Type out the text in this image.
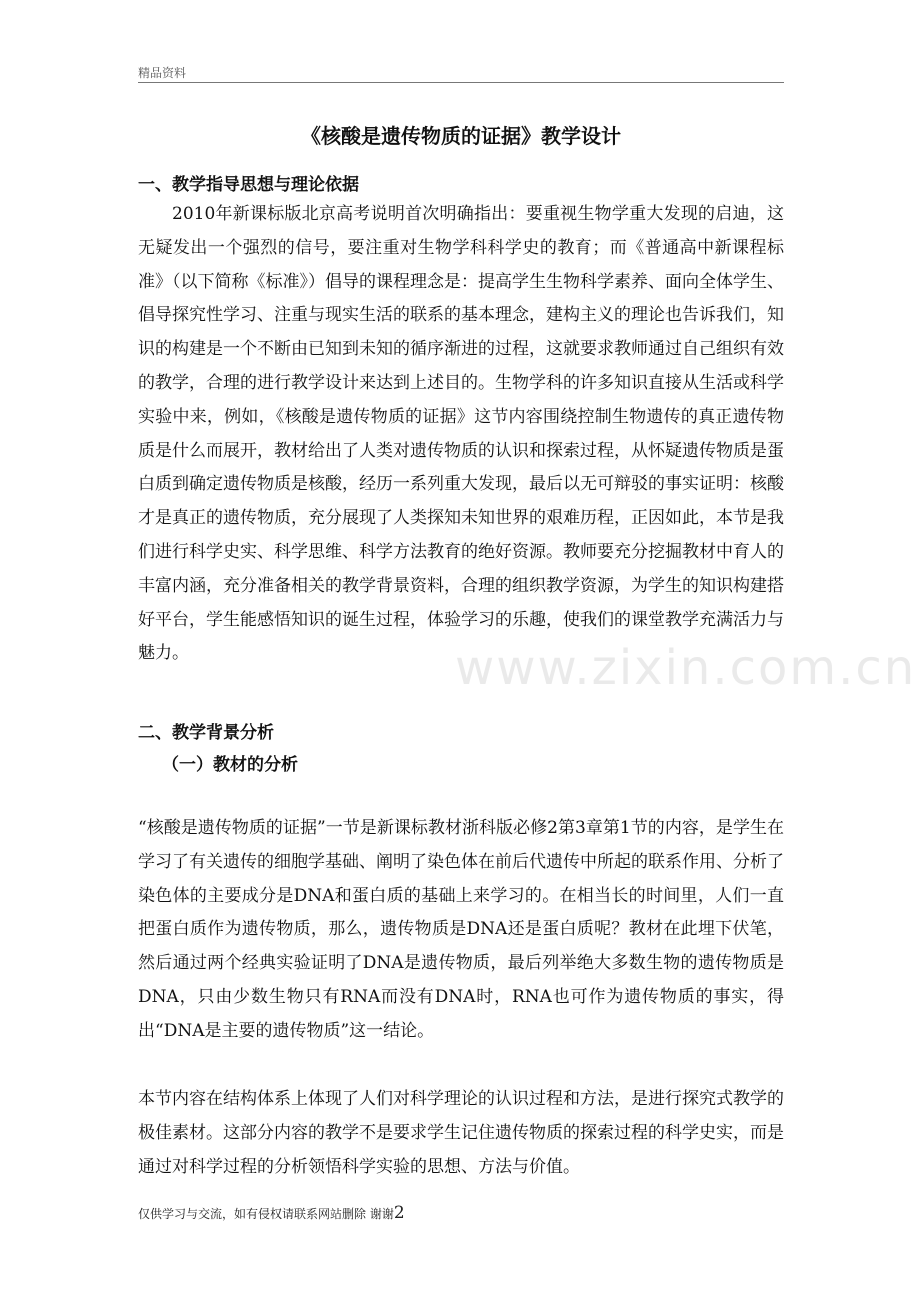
精品资料
《核酸是遗传物质的证据》教学设计
一、教学指导思想与理论依据

2010年新课标版北京高考说明首次明确指出：要重视生物学重大发现的启迪，这无疑发出一个强烈的信号，要注重对生物学科科学史的教育；而《普通高中新课程标准》（以下简称《标准》）倡导的课程理念是：提高学生生物科学素养、面向全体学生、倡导探究性学习、注重与现实生活的联系的基本理念，建构主义的理论也告诉我们，知识的构建是一个不断由已知到未知的循序渐进的过程，这就要求教师通过自己组织有效的教学，合理的进行教学设计来达到上述目的。生物学科的许多知识直接从生活或科学实验中来，例如，《核酸是遗传物质的证据》这节内容围绕控制生物遗传的真正遗传物质是什么而展开，教材给出了人类对遗传物质的认识和探索过程，从怀疑遗传物质是蛋白质到确定遗传物质是核酸，经历一系列重大发现，最后以无可辩驳的事实证明：核酸才是真正的遗传物质，充分展现了人类探知未知世界的艰难历程，正因如此，本节是我们进行科学史实、科学思维、科学方法教育的绝好资源。教师要充分挖掘教材中育人的丰富内涵，充分准备相关的教学背景资料，合理的组织教学资源，为学生的知识构建搭好平台，学生能感悟知识的诞生过程，体验学习的乐趣，使我们的课堂教学充满活力与魅力。

二、教学背景分析
（一）教材的分析

“核酸是遗传物质的证据”一节是新课标教材浙科版必修2第3章第1节的内容，是学生在学习了有关遗传的细胞学基础、阐明了染色体在前后代遗传中所起的联系作用、分析了染色体的主要成分是DNA和蛋白质的基础上来学习的。在相当长的时间里，人们一直把蛋白质作为遗传物质，那么，遗传物质是DNA还是蛋白质呢？教材在此埋下伏笔，然后通过两个经典实验证明了DNA是遗传物质，最后列举绝大多数生物的遗传物质是DNA，只由少数生物只有RNA而没有DNA时，RNA也可作为遗传物质的事实，得出“DNA是主要的遗传物质”这一结论。

本节内容在结构体系上体现了人们对科学理论的认识过程和方法，是进行探究式教学的极佳素材。这部分内容的教学不是要求学生记住遗传物质的探索过程的科学史实，而是通过对科学过程的分析领悟科学实验的思想、方法与价值。

www.zixin.com.cn
仅供学习与交流，如有侵权请联系网站删除 谢谢2
